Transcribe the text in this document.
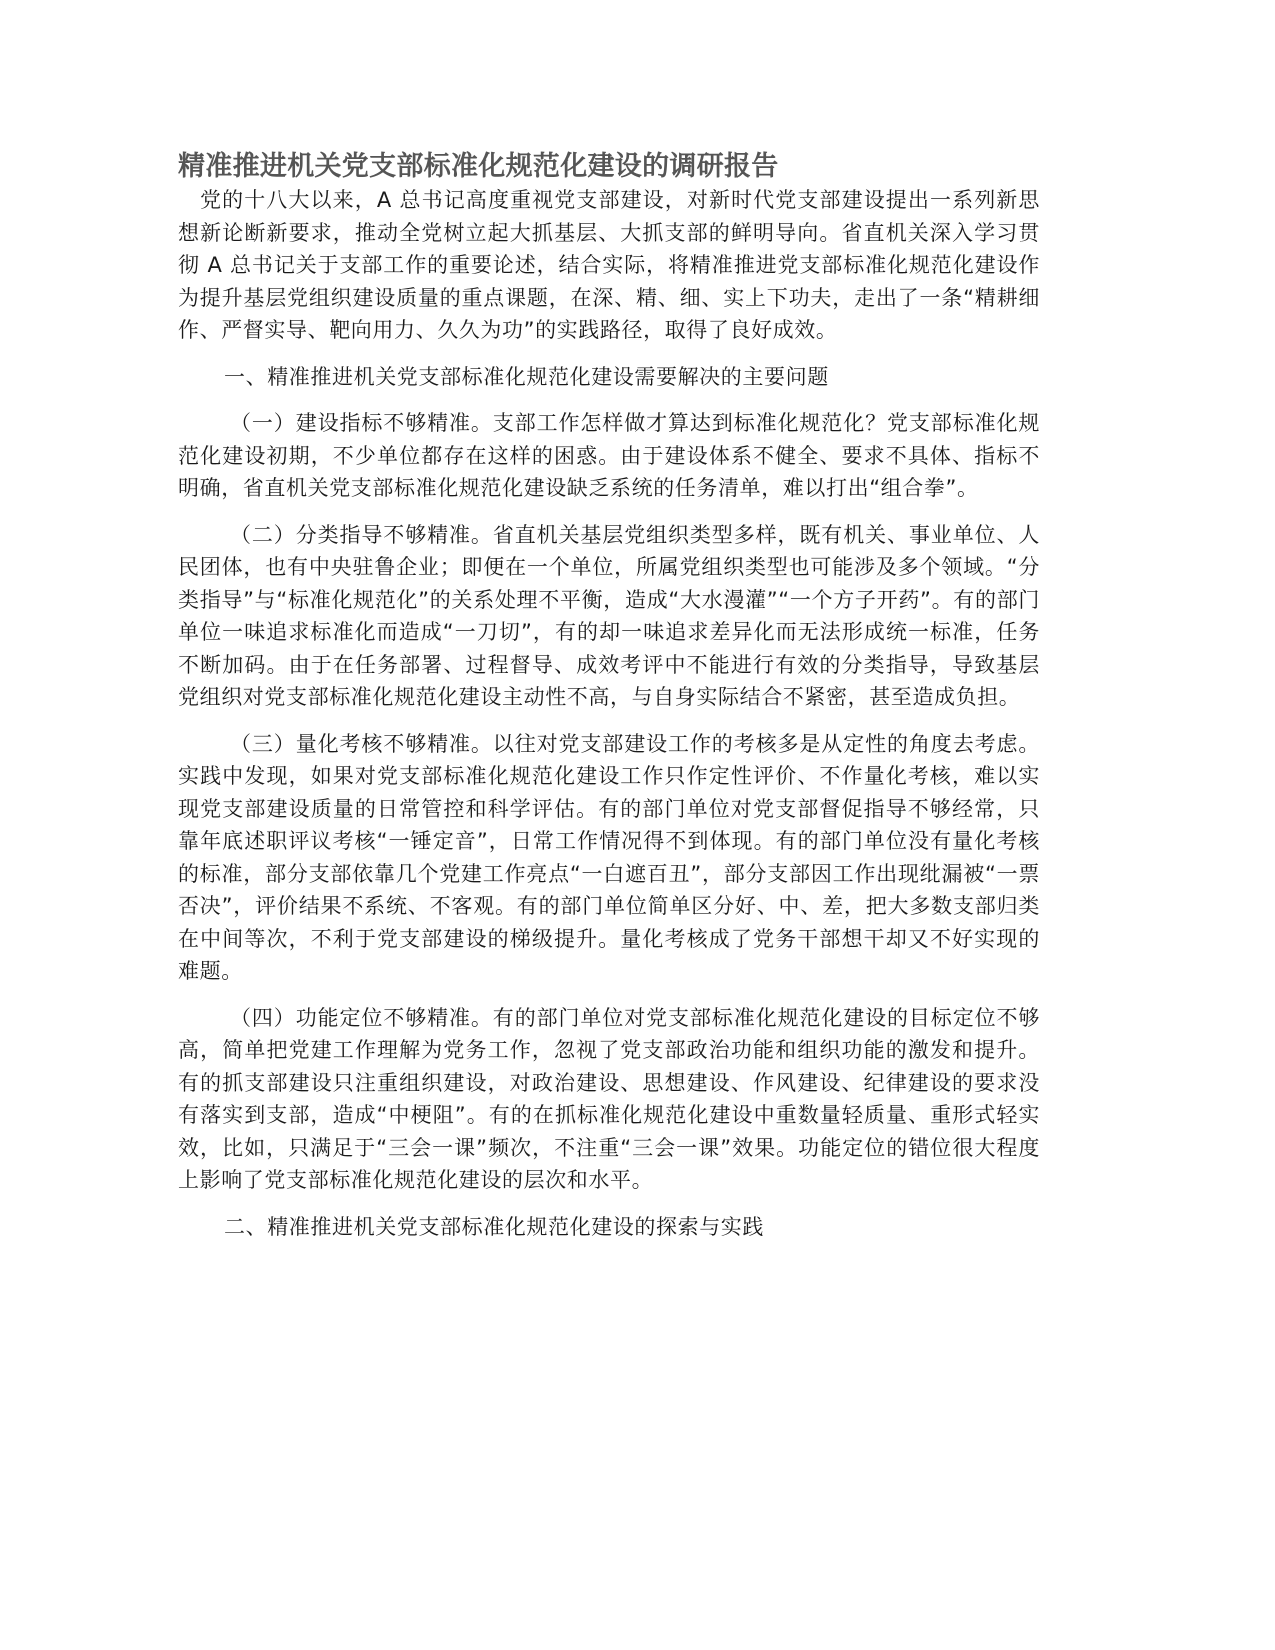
精准推进机关党支部标准化规范化建设的调研报告

党的十八大以来，A 总书记高度重视党支部建设，对新时代党支部建设提出一系列新思想新论断新要求，推动全党树立起大抓基层、大抓支部的鲜明导向。省直机关深入学习贯彻 A 总书记关于支部工作的重要论述，结合实际，将精准推进党支部标准化规范化建设作为提升基层党组织建设质量的重点课题，在深、精、细、实上下功夫，走出了一条“精耕细作、严督实导、靶向用力、久久为功”的实践路径，取得了良好成效。

一、精准推进机关党支部标准化规范化建设需要解决的主要问题

（一）建设指标不够精准。支部工作怎样做才算达到标准化规范化？党支部标准化规范化建设初期，不少单位都存在这样的困惑。由于建设体系不健全、要求不具体、指标不明确，省直机关党支部标准化规范化建设缺乏系统的任务清单，难以打出“组合拳”。

（二）分类指导不够精准。省直机关基层党组织类型多样，既有机关、事业单位、人民团体，也有中央驻鲁企业；即便在一个单位，所属党组织类型也可能涉及多个领域。“分类指导”与“标准化规范化”的关系处理不平衡，造成“大水漫灌”“一个方子开药”。有的部门单位一味追求标准化而造成“一刀切”，有的却一味追求差异化而无法形成统一标准，任务不断加码。由于在任务部署、过程督导、成效考评中不能进行有效的分类指导，导致基层党组织对党支部标准化规范化建设主动性不高，与自身实际结合不紧密，甚至造成负担。

（三）量化考核不够精准。以往对党支部建设工作的考核多是从定性的角度去考虑。实践中发现，如果对党支部标准化规范化建设工作只作定性评价、不作量化考核，难以实现党支部建设质量的日常管控和科学评估。有的部门单位对党支部督促指导不够经常，只靠年底述职评议考核“一锤定音”，日常工作情况得不到体现。有的部门单位没有量化考核的标准，部分支部依靠几个党建工作亮点“一白遮百丑”，部分支部因工作出现纰漏被“一票否决”，评价结果不系统、不客观。有的部门单位简单区分好、中、差，把大多数支部归类在中间等次，不利于党支部建设的梯级提升。量化考核成了党务干部想干却又不好实现的难题。

（四）功能定位不够精准。有的部门单位对党支部标准化规范化建设的目标定位不够高，简单把党建工作理解为党务工作，忽视了党支部政治功能和组织功能的激发和提升。有的抓支部建设只注重组织建设，对政治建设、思想建设、作风建设、纪律建设的要求没有落实到支部，造成“中梗阻”。有的在抓标准化规范化建设中重数量轻质量、重形式轻实效，比如，只满足于“三会一课”频次，不注重“三会一课”效果。功能定位的错位很大程度上影响了党支部标准化规范化建设的层次和水平。

二、精准推进机关党支部标准化规范化建设的探索与实践
